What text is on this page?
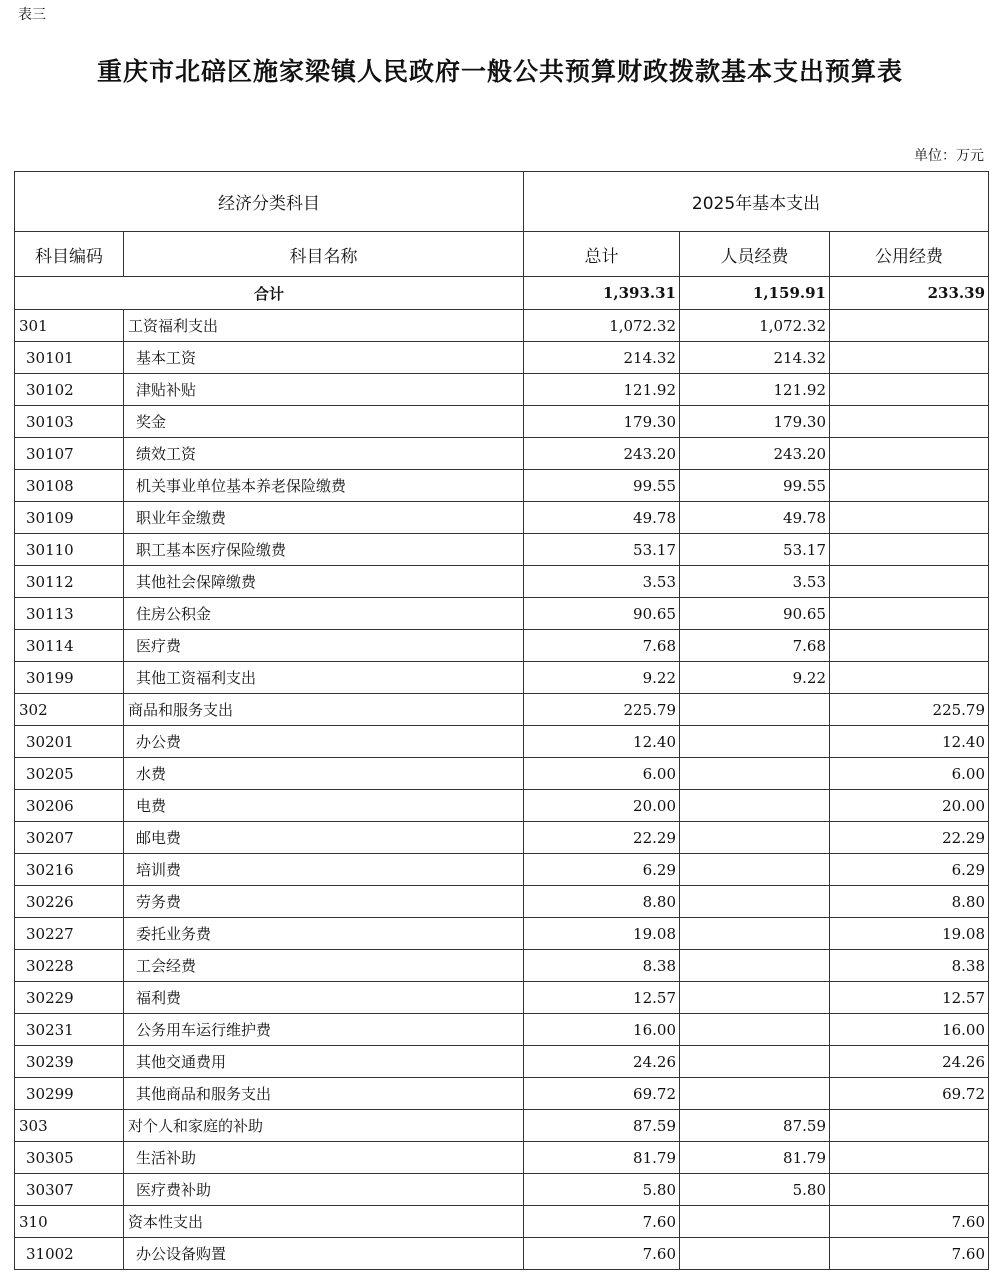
表三
重庆市北碚区施家梁镇人民政府一般公共预算财政拨款基本支出预算表
单位：万元
经济分类科目		2025年基本支出		
科目编码	科目名称	总计	人员经费	公用经费
合计		1,393.31	1,159.91	233.39
301	工资福利支出	1,072.32	1,072.32	
30101	基本工资	214.32	214.32	
30102	津贴补贴	121.92	121.92	
30103	奖金	179.30	179.30	
30107	绩效工资	243.20	243.20	
30108	机关事业单位基本养老保险缴费	99.55	99.55	
30109	职业年金缴费	49.78	49.78	
30110	职工基本医疗保险缴费	53.17	53.17	
30112	其他社会保障缴费	3.53	3.53	
30113	住房公积金	90.65	90.65	
30114	医疗费	7.68	7.68	
30199	其他工资福利支出	9.22	9.22	
302	商品和服务支出	225.79		225.79
30201	办公费	12.40		12.40
30205	水费	6.00		6.00
30206	电费	20.00		20.00
30207	邮电费	22.29		22.29
30216	培训费	6.29		6.29
30226	劳务费	8.80		8.80
30227	委托业务费	19.08		19.08
30228	工会经费	8.38		8.38
30229	福利费	12.57		12.57
30231	公务用车运行维护费	16.00		16.00
30239	其他交通费用	24.26		24.26
30299	其他商品和服务支出	69.72		69.72
303	对个人和家庭的补助	87.59	87.59	
30305	生活补助	81.79	81.79	
30307	医疗费补助	5.80	5.80	
310	资本性支出	7.60		7.60
31002	办公设备购置	7.60		7.60
